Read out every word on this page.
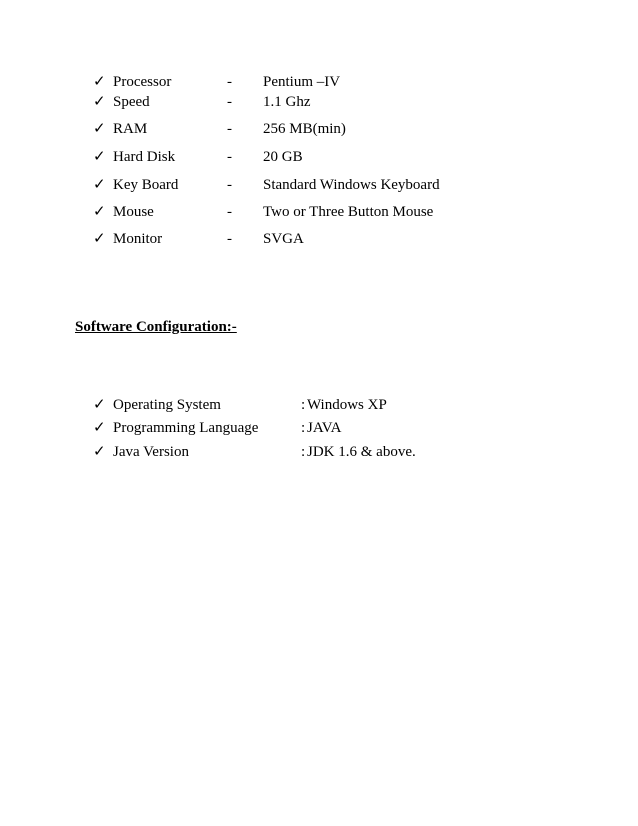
✓ Processor	- Pentium –IV
✓ Speed	- 1.1 Ghz
✓ RAM	- 256 MB(min)
✓ Hard Disk	- 20 GB
✓ Key Board	- Standard Windows Keyboard
✓ Mouse	- Two or Three Button Mouse
✓ Monitor	- SVGA
Software Configuration:-
✓ Operating System	: Windows XP
✓ Programming Language	: JAVA
✓ Java Version	: JDK 1.6 & above.
